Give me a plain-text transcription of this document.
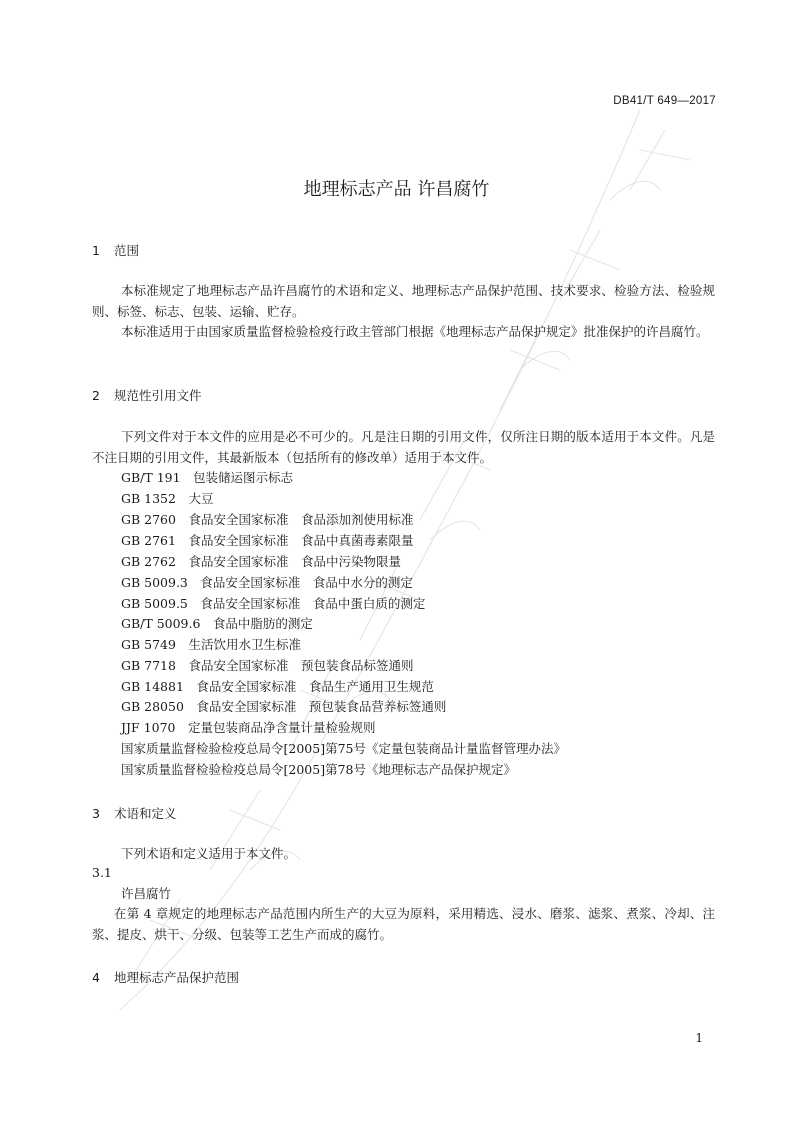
DB41/T 649—2017
地理标志产品 许昌腐竹
1 范围
本标准规定了地理标志产品许昌腐竹的术语和定义、地理标志产品保护范围、技术要求、检验方法、检验规则、标签、标志、包装、运输、贮存。
本标准适用于由国家质量监督检验检疫行政主管部门根据《地理标志产品保护规定》批准保护的许昌腐竹。
2 规范性引用文件
下列文件对于本文件的应用是必不可少的。凡是注日期的引用文件，仅所注日期的版本适用于本文件。凡是不注日期的引用文件，其最新版本（包括所有的修改单）适用于本文件。
GB/T 191　包装储运图示标志
GB 1352　大豆
GB 2760　食品安全国家标准　食品添加剂使用标准
GB 2761　食品安全国家标准　食品中真菌毒素限量
GB 2762　食品安全国家标准　食品中污染物限量
GB 5009.3　食品安全国家标准　食品中水分的测定
GB 5009.5　食品安全国家标准　食品中蛋白质的测定
GB/T 5009.6　食品中脂肪的测定
GB 5749　生活饮用水卫生标准
GB 7718　食品安全国家标准　预包装食品标签通则
GB 14881　食品安全国家标准　食品生产通用卫生规范
GB 28050　食品安全国家标准　预包装食品营养标签通则
JJF 1070　定量包装商品净含量计量检验规则
国家质量监督检验检疫总局令[2005]第75号《定量包装商品计量监督管理办法》
国家质量监督检验检疫总局令[2005]第78号《地理标志产品保护规定》
3 术语和定义
下列术语和定义适用于本文件。
3.1
许昌腐竹
在第 4 章规定的地理标志产品范围内所生产的大豆为原料，采用精选、浸水、磨浆、滤浆、煮浆、冷却、注浆、提皮、烘干、分级、包装等工艺生产而成的腐竹。
4 地理标志产品保护范围
1
